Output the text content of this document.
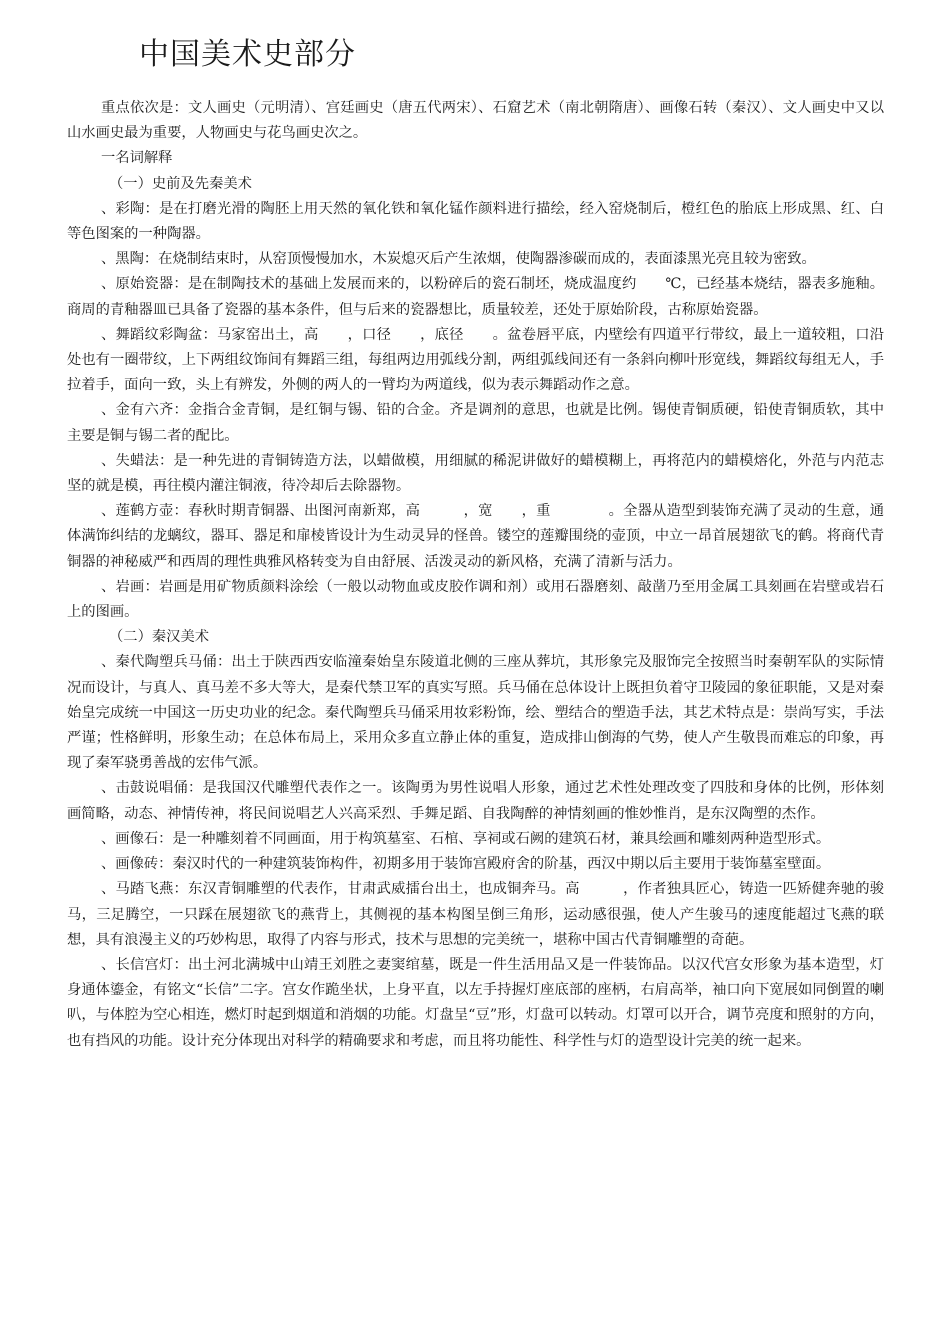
中国美术史部分

重点依次是：文人画史（元明清）、宫廷画史（唐五代两宋）、石窟艺术（南北朝隋唐）、画像石转（秦汉）、文人画史中又以山水画史最为重要，人物画史与花鸟画史次之。

一名词解释

（一）史前及先秦美术

、彩陶：是在打磨光滑的陶胚上用天然的氧化铁和氧化锰作颜料进行描绘，经入窑烧制后，橙红色的胎底上形成黑、红、白等色图案的一种陶器。

、黑陶：在烧制结束时，从窑顶慢慢加水，木炭熄灭后产生浓烟，使陶器渗碳而成的，表面漆黑光亮且较为密致。

、原始瓷器：是在制陶技术的基础上发展而来的，以粉碎后的瓷石制坯，烧成温度约　　℃，已经基本烧结，器表多施釉。商周的青釉器皿已具备了瓷器的基本条件，但与后来的瓷器想比，质量较差，还处于原始阶段，古称原始瓷器。

、舞蹈纹彩陶盆：马家窑出土，高　　，口径　　，底径　　。盆卷唇平底，内壁绘有四道平行带纹，最上一道较粗，口沿处也有一圈带纹，上下两组纹饰间有舞蹈三组，每组两边用弧线分割，两组弧线间还有一条斜向柳叶形宽线，舞蹈纹每组无人，手拉着手，面向一致，头上有辨发，外侧的两人的一臂均为两道线，似为表示舞蹈动作之意。

、金有六齐：金指合金青铜，是红铜与锡、铅的合金。齐是调剂的意思，也就是比例。锡使青铜质硬，铅使青铜质软，其中主要是铜与锡二者的配比。

、失蜡法：是一种先进的青铜铸造方法，以蜡做模，用细腻的稀泥讲做好的蜡模糊上，再将范内的蜡模熔化，外范与内范志坚的就是模，再往模内灌注铜液，待冷却后去除器物。

、莲鹤方壶：春秋时期青铜器、出图河南新郑，高　　　，宽　　，重　　　　。全器从造型到装饰充满了灵动的生意，通体满饰纠结的龙螭纹，器耳、器足和扉棱皆设计为生动灵异的怪兽。镂空的莲瓣围绕的壶顶，中立一昂首展翅欲飞的鹤。将商代青铜器的神秘威严和西周的理性典雅风格转变为自由舒展、活泼灵动的新风格，充满了清新与活力。

、岩画：岩画是用矿物质颜料涂绘（一般以动物血或皮胶作调和剂）或用石器磨刻、敲凿乃至用金属工具刻画在岩壁或岩石上的图画。

（二）秦汉美术

、秦代陶塑兵马俑：出土于陕西西安临潼秦始皇东陵道北侧的三座从葬坑，其形象完及服饰完全按照当时秦朝军队的实际情况而设计，与真人、真马差不多大等大，是秦代禁卫军的真实写照。兵马俑在总体设计上既担负着守卫陵园的象征职能，又是对秦始皇完成统一中国这一历史功业的纪念。秦代陶塑兵马俑采用妆彩粉饰，绘、塑结合的塑造手法，其艺术特点是：崇尚写实，手法严谨；性格鲜明，形象生动；在总体布局上，采用众多直立静止体的重复，造成排山倒海的气势，使人产生敬畏而难忘的印象，再现了秦军骁勇善战的宏伟气派。

、击鼓说唱俑：是我国汉代雕塑代表作之一。该陶勇为男性说唱人形象，通过艺术性处理改变了四肢和身体的比例，形体刻画简略，动态、神情传神，将民间说唱艺人兴高采烈、手舞足蹈、自我陶醉的神情刻画的惟妙惟肖，是东汉陶塑的杰作。

、画像石：是一种雕刻着不同画面，用于构筑墓室、石棺、享祠或石阙的建筑石材，兼具绘画和雕刻两种造型形式。

、画像砖：秦汉时代的一种建筑装饰构件，初期多用于装饰宫殿府舍的阶基，西汉中期以后主要用于装饰墓室壁面。

、马踏飞燕：东汉青铜雕塑的代表作，甘肃武威擂台出土，也成铜奔马。高　　　，作者独具匠心，铸造一匹矫健奔驰的骏马，三足腾空，一只踩在展翅欲飞的燕背上，其侧视的基本构图呈倒三角形，运动感很强，使人产生骏马的速度能超过飞燕的联想，具有浪漫主义的巧妙构思，取得了内容与形式，技术与思想的完美统一，堪称中国古代青铜雕塑的奇葩。

、长信宫灯：出土河北满城中山靖王刘胜之妻窦绾墓，既是一件生活用品又是一件装饰品。以汉代宫女形象为基本造型，灯身通体鎏金，有铭文“长信”二字。宫女作跪坐状，上身平直，以左手持握灯座底部的座柄，右肩高举，袖口向下宽展如同倒置的喇叭，与体腔为空心相连，燃灯时起到烟道和消烟的功能。灯盘呈“豆”形，灯盘可以转动。灯罩可以开合，调节亮度和照射的方向，也有挡风的功能。设计充分体现出对科学的精确要求和考虑，而且将功能性、科学性与灯的造型设计完美的统一起来。
